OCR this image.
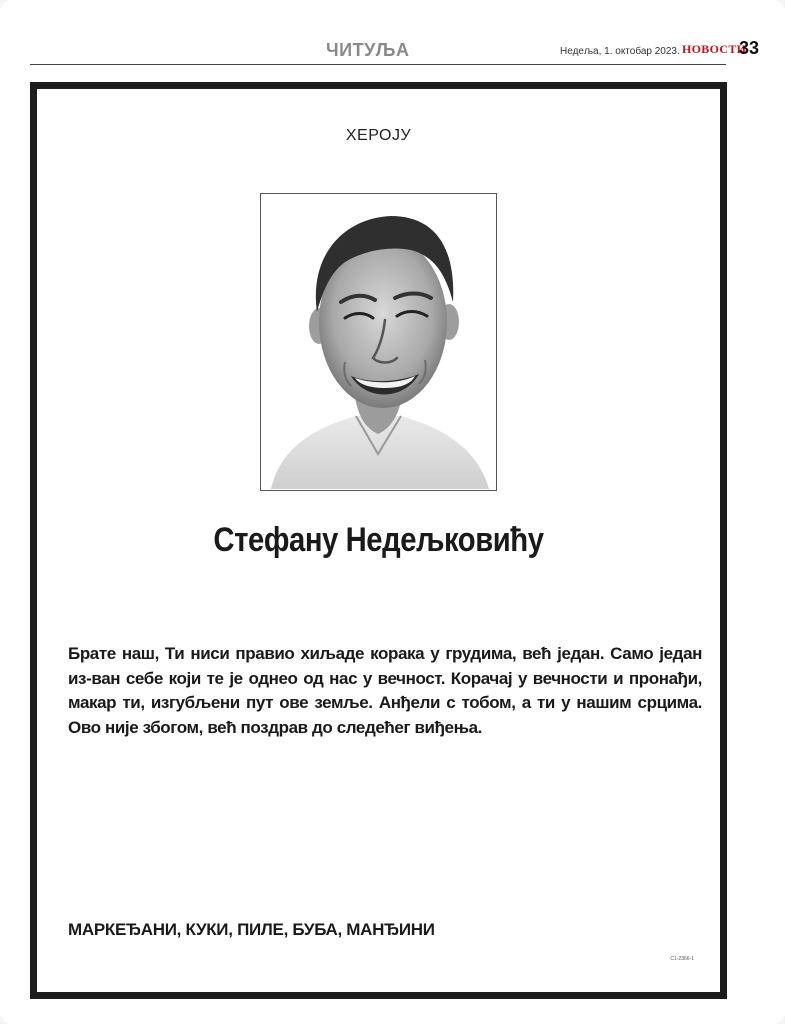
ЧИТУЉА	Недеља, 1. октобар 2023. НОВОСТИ
33
ХЕРОЈУ
Стефану Недељковићу
Брате наш, Ти ниси правио хиљаде корака у грудима, већ један. Само један из-ван себе који те је однео од нас у вечност. Корачај у вечности и пронађи, макар ти, изгубљени пут ове земље. Анђели с тобом, а ти у нашим срцима. Ово није збогом, већ поздрав до следећег виђења.
МАРКЕЂАНИ, КУКИ, ПИЛЕ, БУБА, МАНЂИНИ
С1-2366-1
